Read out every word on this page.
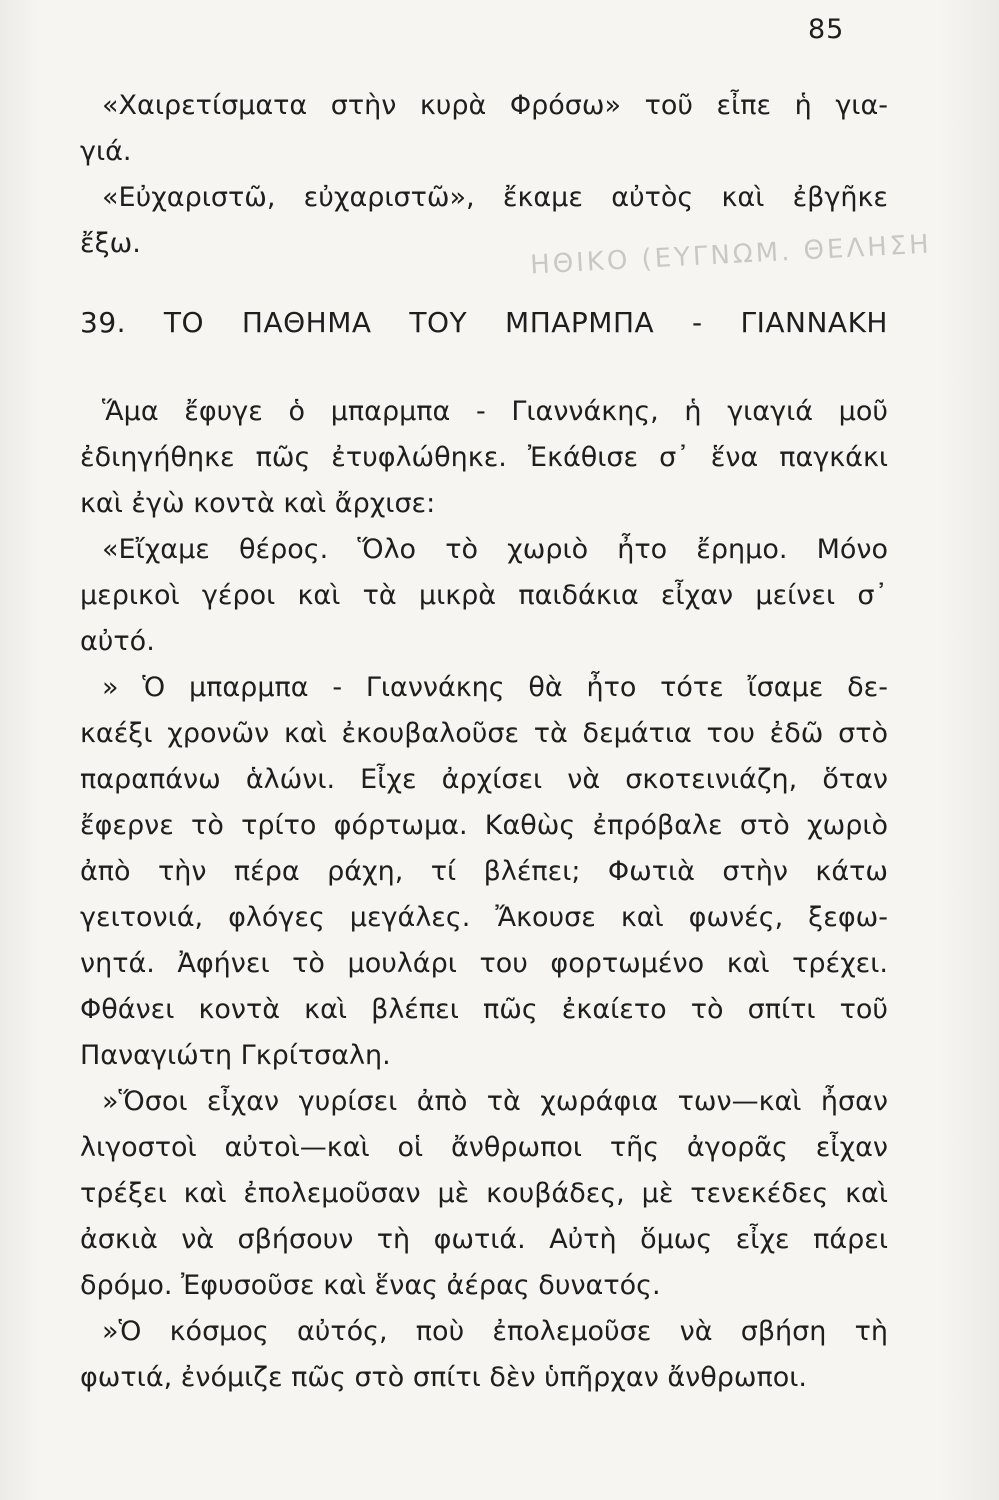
85
ΗΘΙΚΟ (ΕΥΓΝΩΜ. ΘΕΛΗΣΗ
«Χαιρετίσματα στὴν κυρὰ Φρόσω» τοῦ εἶπε ἡ για-
γιά.
«Εὐχαριστῶ, εὐχαριστῶ», ἔκαμε αὐτὸς καὶ ἐβγῆκε
ἔξω.
39. ΤΟ ΠΑΘΗΜΑ ΤΟΥ ΜΠΑΡΜΠΑ - ΓΙΑΝΝΑΚΗ
Ἅμα ἔφυγε ὁ μπαρμπα - Γιαννάκης, ἡ γιαγιά μοῦ
ἐδιηγήθηκε πῶς ἐτυφλώθηκε. Ἐκάθισε σ᾽ ἕνα παγκάκι
καὶ ἐγὼ κοντὰ καὶ ἄρχισε:
«Εἴχαμε θέρος. Ὅλο τὸ χωριὸ ἦτο ἔρημο. Μόνο
μερικοὶ γέροι καὶ τὰ μικρὰ παιδάκια εἶχαν μείνει σ᾽
αὐτό.
» Ὁ μπαρμπα - Γιαννάκης θὰ ἦτο τότε ἴσαμε δε-
καέξι χρονῶν καὶ ἐκουβαλοῦσε τὰ δεμάτια του ἐδῶ στὸ
παραπάνω ἁλώνι. Εἶχε ἀρχίσει νὰ σκοτεινιάζη, ὅταν
ἔφερνε τὸ τρίτο φόρτωμα. Καθὼς ἐπρόβαλε στὸ χωριὸ
ἀπὸ τὴν πέρα ράχη, τί βλέπει; Φωτιὰ στὴν κάτω
γειτονιά, φλόγες μεγάλες. Ἄκουσε καὶ φωνές, ξεφω-
νητά. Ἀφήνει τὸ μουλάρι του φορτωμένο καὶ τρέχει.
Φθάνει κοντὰ καὶ βλέπει πῶς ἐκαίετο τὸ σπίτι τοῦ
Παναγιώτη Γκρίτσαλη.
»Ὅσοι εἶχαν γυρίσει ἀπὸ τὰ χωράφια των—καὶ ἦσαν
λιγοστοὶ αὐτοὶ—καὶ οἱ ἄνθρωποι τῆς ἀγορᾶς εἶχαν
τρέξει καὶ ἐπολεμοῦσαν μὲ κουβάδες, μὲ τενεκέδες καὶ
ἀσκιὰ νὰ σβήσουν τὴ φωτιά. Αὐτὴ ὅμως εἶχε πάρει
δρόμο. Ἐφυσοῦσε καὶ ἕνας ἀέρας δυνατός.
»Ὁ κόσμος αὐτός, ποὺ ἐπολεμοῦσε νὰ σβήση τὴ
φωτιά, ἐνόμιζε πῶς στὸ σπίτι δὲν ὑπῆρχαν ἄνθρωποι.
